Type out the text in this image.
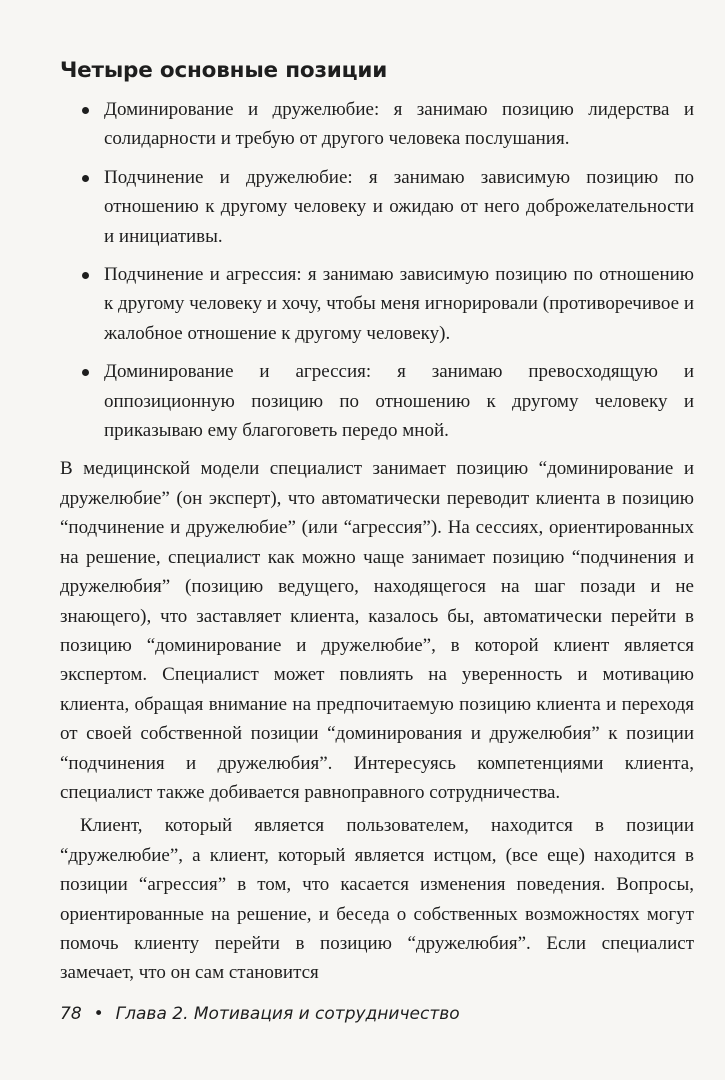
Четыре основные позиции
Доминирование и дружелюбие: я занимаю позицию лидерства и солидарности и требую от другого человека послушания.
Подчинение и дружелюбие: я занимаю зависимую позицию по отношению к другому человеку и ожидаю от него доброжелательности и инициативы.
Подчинение и агрессия: я занимаю зависимую позицию по отношению к другому человеку и хочу, чтобы меня игнорировали (противоречивое и жалобное отношение к другому человеку).
Доминирование и агрессия: я занимаю превосходящую и оппозиционную позицию по отношению к другому человеку и приказываю ему благоговеть передо мной.

В медицинской модели специалист занимает позицию “доминирование и дружелюбие” (он эксперт), что автоматически переводит клиента в позицию “подчинение и дружелюбие” (или “агрессия”). На сессиях, ориентированных на решение, специалист как можно чаще занимает позицию “подчинения и дружелюбия” (позицию ведущего, находящегося на шаг позади и не знающего), что заставляет клиента, казалось бы, автоматически перейти в позицию “доминирование и дружелюбие”, в которой клиент является экспертом. Специалист может повлиять на уверенность и мотивацию клиента, обращая внимание на предпочитаемую позицию клиента и переходя от своей собственной позиции “доминирования и дружелюбия” к позиции “подчинения и дружелюбия”. Интересуясь компетенциями клиента, специалист также добивается равноправного сотрудничества.

Клиент, который является пользователем, находится в позиции “дружелюбие”, а клиент, который является истцом, (все еще) находится в позиции “агрессия” в том, что касается изменения поведения. Вопросы, ориентированные на решение, и беседа о собственных возможностях могут помочь клиенту перейти в позицию “дружелюбия”. Если специалист замечает, что он сам становится

78 • Глава 2. Мотивация и сотрудничество
